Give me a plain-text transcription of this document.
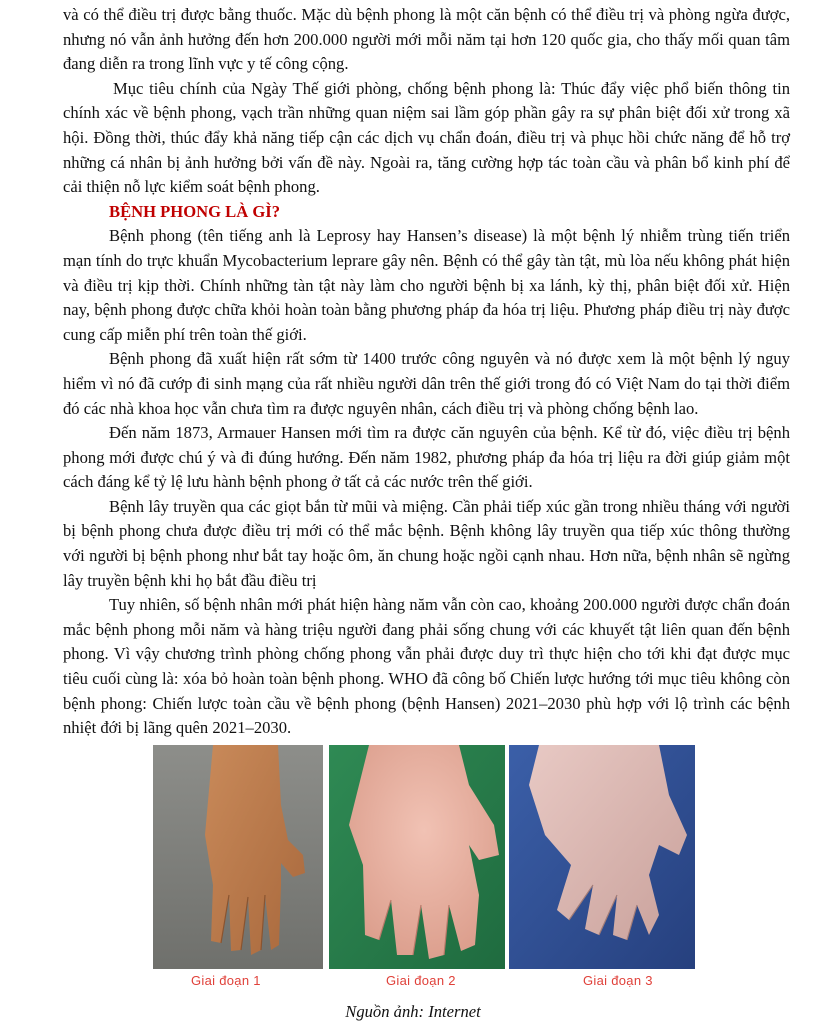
và có thể điều trị được bằng thuốc. Mặc dù bệnh phong là một căn bệnh có thể điều trị và phòng ngừa được, nhưng nó vẫn ảnh hưởng đến hơn 200.000 người mới mỗi năm tại hơn 120 quốc gia, cho thấy mối quan tâm đang diễn ra trong lĩnh vực y tế công cộng.

Mục tiêu chính của Ngày Thế giới phòng, chống bệnh phong là: Thúc đẩy việc phổ biến thông tin chính xác về bệnh phong, vạch trần những quan niệm sai lầm góp phần gây ra sự phân biệt đối xử trong xã hội. Đồng thời, thúc đẩy khả năng tiếp cận các dịch vụ chẩn đoán, điều trị và phục hồi chức năng để hỗ trợ những cá nhân bị ảnh hưởng bởi vấn đề này. Ngoài ra, tăng cường hợp tác toàn cầu và phân bổ kinh phí để cải thiện nỗ lực kiểm soát bệnh phong.

BỆNH PHONG LÀ GÌ?

Bệnh phong (tên tiếng anh là Leprosy hay Hansen’s disease) là một bệnh lý nhiễm trùng tiến triển mạn tính do trực khuẩn Mycobacterium leprare gây nên. Bệnh có thể gây tàn tật, mù lòa nếu không phát hiện và điều trị kịp thời. Chính những tàn tật này làm cho người bệnh bị xa lánh, kỳ thị, phân biệt đối xử. Hiện nay, bệnh phong được chữa khỏi hoàn toàn bằng phương pháp đa hóa trị liệu. Phương pháp điều trị này được cung cấp miễn phí trên toàn thế giới.

Bệnh phong đã xuất hiện rất sớm từ 1400 trước công nguyên và nó được xem là một bệnh lý nguy hiểm vì nó đã cướp đi sinh mạng của rất nhiều người dân trên thế giới trong đó có Việt Nam do tại thời điểm đó các nhà khoa học vẫn chưa tìm ra được nguyên nhân, cách điều trị và phòng chống bệnh lao.

Đến năm 1873, Armauer Hansen mới tìm ra được căn nguyên của bệnh. Kể từ đó, việc điều trị bệnh phong mới được chú ý và đi đúng hướng. Đến năm 1982, phương pháp đa hóa trị liệu ra đời giúp giảm một cách đáng kể tỷ lệ lưu hành bệnh phong ở tất cả các nước trên thế giới.

Bệnh lây truyền qua các giọt bắn từ mũi và miệng. Cần phải tiếp xúc gần trong nhiều tháng với người bị bệnh phong chưa được điều trị mới có thể mắc bệnh. Bệnh không lây truyền qua tiếp xúc thông thường với người bị bệnh phong như bắt tay hoặc ôm, ăn chung hoặc ngồi cạnh nhau. Hơn nữa, bệnh nhân sẽ ngừng lây truyền bệnh khi họ bắt đầu điều trị

Tuy nhiên, số bệnh nhân mới phát hiện hàng năm vẫn còn cao, khoảng 200.000 người được chẩn đoán mắc bệnh phong mỗi năm và hàng triệu người đang phải sống chung với các khuyết tật liên quan đến bệnh phong. Vì vậy chương trình phòng chống phong vẫn phải được duy trì thực hiện cho tới khi đạt được mục tiêu cuối cùng là: xóa bỏ hoàn toàn bệnh phong. WHO đã công bố Chiến lược hướng tới mục tiêu không còn bệnh phong: Chiến lược toàn cầu về bệnh phong (bệnh Hansen) 2021–2030 phù hợp với lộ trình các bệnh nhiệt đới bị lãng quên 2021–2030.

Giai đoạn 1	Giai đoạn 2	Giai đoạn 3
Nguồn ảnh: Internet
